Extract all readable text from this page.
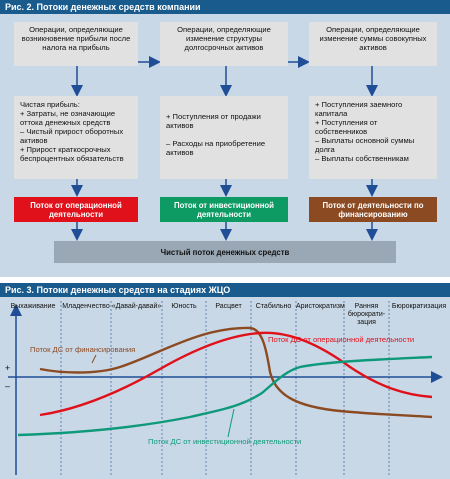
Рис. 2. Потоки денежных средств компании
Операции, определяющие возникновение прибыли после налога на прибыль
Операции, определяющие изменение структуры долгосрочных активов
Операции, определяющие изменение суммы совокупных активов
Чистая прибыль:
+ Затраты, не означающие оттока денежных средств
– Чистый прирост оборотных активов
+ Прирост краткосрочных беспроцентных обязательств
+ Поступления от продажи активов

– Расходы на приобретение активов
+ Поступления заемного капитала
+ Поступления от собственников
– Выплаты основной суммы долга
– Выплаты собственникам
Поток от операционной деятельности
Поток от инвестиционной деятельности
Поток от деятельности по финансированию
Чистый поток денежных средств
Рис. 3. Потоки денежных средств на стадиях ЖЦО
Выхаживание Младенчество «Давай-давай»	Юность	Расцвет	Стабильно Аристократизм	Ранняя
бюрократи-
зация
Бюрократизация
+
–
Поток ДС от финансирования
Поток ДС от операционной деятельности
Поток ДС от инвестиционной деятельности
